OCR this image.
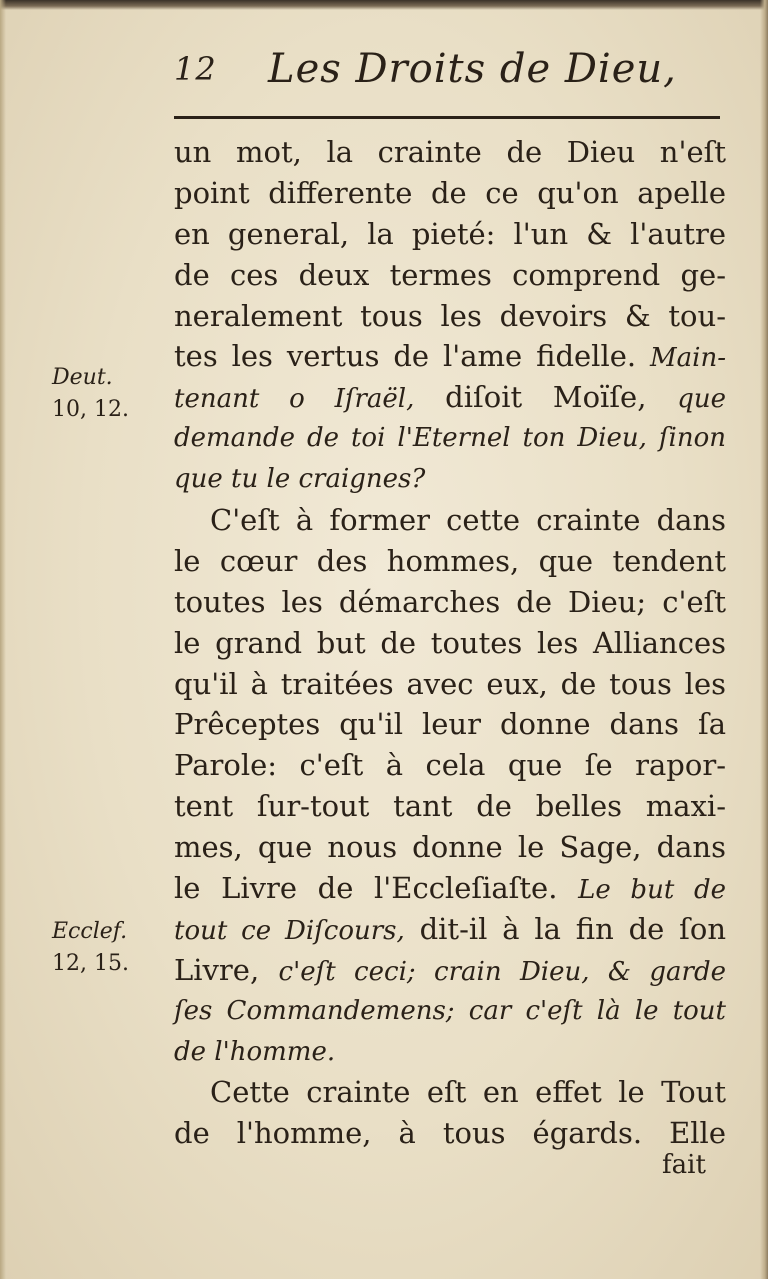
12 Les Droits de Dieu,
Deut.
10, 12.
Ecclef.
12, 15.
un mot, la crainte de Dieu n'eſt
point differente de ce qu'on apelle
en general, la pieté: l'un & l'autre
de ces deux termes comprend ge-
neralement tous les devoirs & tou-
tes les vertus de l'ame fidelle. Main-
tenant o Iſraël, diſoit Moïſe, que
demande de toi l'Eternel ton Dieu, ſinon
que tu le craignes?
C'eſt à former cette crainte dans
le cœur des hommes, que tendent
toutes les démarches de Dieu; c'eſt
le grand but de toutes les Alliances
qu'il à traitées avec eux, de tous les
Prêceptes qu'il leur donne dans ſa
Parole: c'eſt à cela que ſe rapor-
tent ſur-tout tant de belles maxi-
mes, que nous donne le Sage, dans
le Livre de l'Eccleſiaſte. Le but de
tout ce Diſcours, dit-il à la fin de ſon
Livre, c'eſt ceci; crain Dieu, & garde
ſes Commandemens; car c'eſt là le tout
de l'homme.
Cette crainte eſt en effet le Tout
de l'homme, à tous égards. Elle
fait
